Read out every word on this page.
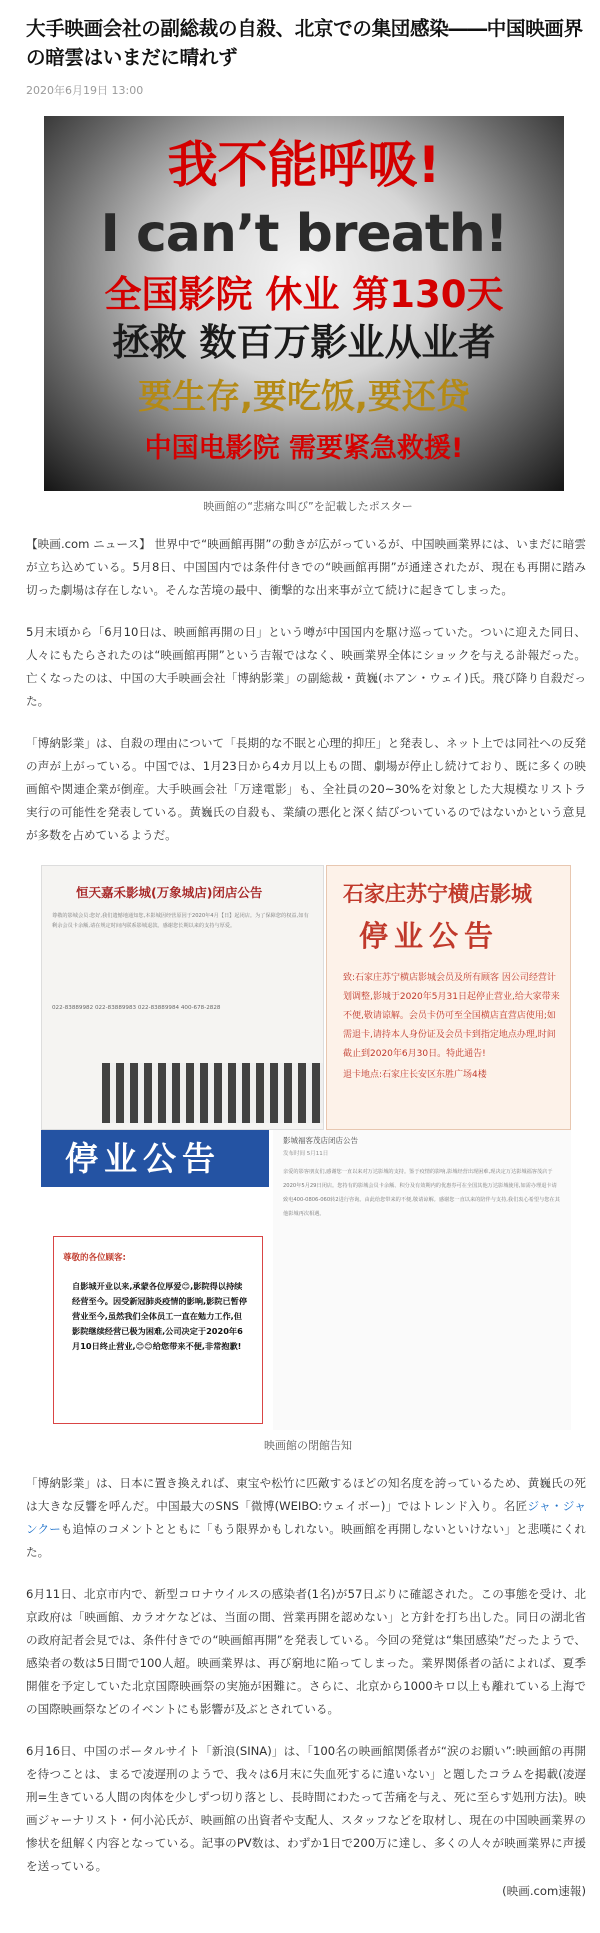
大手映画会社の副総裁の自殺、北京での集団感染――中国映画界の暗雲はいまだに晴れず
2020年6月19日 13:00
我不能呼吸!
I can’t breath!
全国影院 休业 第130天
拯救 数百万影业从业者
要生存,要吃饭,要还贷
中国电影院 需要紧急救援!
映画館の“悲痛な叫び”を記載したポスター

【映画.com ニュース】 世界中で“映画館再開”の動きが広がっているが、中国映画業界には、いまだに暗雲が立ち込めている。5月8日、中国国内では条件付きでの“映画館再開”が通達されたが、現在も再開に踏み切った劇場は存在しない。そんな苦境の最中、衝撃的な出来事が立て続けに起きてしまった。

5月末頃から「6月10日は、映画館再開の日」という噂が中国国内を駆け巡っていた。ついに迎えた同日、人々にもたらされたのは“映画館再開”という吉報ではなく、映画業界全体にショックを与える訃報だった。亡くなったのは、中国の大手映画会社「博納影業」の副総裁・黄巍(ホアン・ウェイ)氏。飛び降り自殺だった。

「博納影業」は、自殺の理由について「長期的な不眠と心理的抑圧」と発表し、ネット上では同社への反発の声が上がっている。中国では、1月23日から4カ月以上もの間、劇場が停止し続けており、既に多くの映画館や関連企業が倒産。大手映画会社「万達電影」も、全社員の20~30%を対象とした大規模なリストラ実行の可能性を発表している。黄巍氏の自殺も、業績の悪化と深く結びついているのではないかという意見が多数を占めているようだ。

恒天嘉禾影城(万象城店)闭店公告
尊敬的影城会员:您好,我们遗憾地通知您,本影城因经营原因于2020年4月【日】起闭店。为了保障您的权益,如有剩余会员卡余额,请在规定时间内联系影城退款。感谢您长期以来的支持与厚爱。
022-83889982 022-83889983 022-83889984 400-678-2828
石家庄苏宁横店影城
停业公告
致:石家庄苏宁横店影城会员及所有顾客 因公司经营计划调整,影城于2020年5月31日起停止营业,给大家带来不便,敬请谅解。会员卡仍可至全国横店直营店使用;如需退卡,请持本人身份证及会员卡到指定地点办理,时间截止到2020年6月30日。特此通告!
退卡地点:石家庄长安区东胜广场4楼
停业公告
尊敬的各位顾客:
自影城开业以来,承蒙各位厚爱😊,影院得以持续经营至今。因受新冠肺炎疫情的影响,影院已暂停营业至今,虽然我们全体员工一直在勉力工作,但影院继续经营已极为困难,公司决定于2020年6月10日终止营业,😊😊给您带来不便,非常抱歉!
影城福客茂店闭店公告
发布时间 5月11日
亲爱的影客朋友们,感谢您一直以来对万达影城的支持。鉴于疫情的影响,影城经营出现困难,现决定万达影城福客茂店于2020年5月29日闭店。您持有的影城会员卡余额、积分及有效期内的优惠券可在全国其他万达影城使用,如需办理退卡请致电400-0806-060转2进行咨询。由此给您带来的不便,敬请谅解。感谢您一直以来的陪伴与支持,我们衷心希望与您在其他影城再次相遇。
映画館の閉館告知

「博納影業」は、日本に置き換えれば、東宝や松竹に匹敵するほどの知名度を誇っているため、黄巍氏の死は大きな反響を呼んだ。中国最大のSNS「微博(WEIBO:ウェイボー)」ではトレンド入り。名匠ジャ・ジャンクーも追悼のコメントとともに「もう限界かもしれない。映画館を再開しないといけない」と悲嘆にくれた。

6月11日、北京市内で、新型コロナウイルスの感染者(1名)が57日ぶりに確認された。この事態を受け、北京政府は「映画館、カラオケなどは、当面の間、営業再開を認めない」と方針を打ち出した。同日の湖北省の政府記者会見では、条件付きでの“映画館再開”を発表している。今回の発覚は“集団感染”だったようで、感染者の数は5日間で100人超。映画業界は、再び窮地に陥ってしまった。業界関係者の話によれば、夏季開催を予定していた北京国際映画祭の実施が困難に。さらに、北京から1000キロ以上も離れている上海での国際映画祭などのイベントにも影響が及ぶとされている。

6月16日、中国のポータルサイト「新浪(SINA)」は、「100名の映画館関係者が“涙のお願い”:映画館の再開を待つことは、まるで凌遅刑のようで、我々は6月末に失血死するに違いない」と題したコラムを掲載(凌遅刑=生きている人間の肉体を少しずつ切り落とし、長時間にわたって苦痛を与え、死に至らす処刑方法)。映画ジャーナリスト・何小沁氏が、映画館の出資者や支配人、スタッフなどを取材し、現在の中国映画業界の惨状を紐解く内容となっている。記事のPV数は、わずか1日で200万に達し、多くの人々が映画業界に声援を送っている。

(映画.com速報)
